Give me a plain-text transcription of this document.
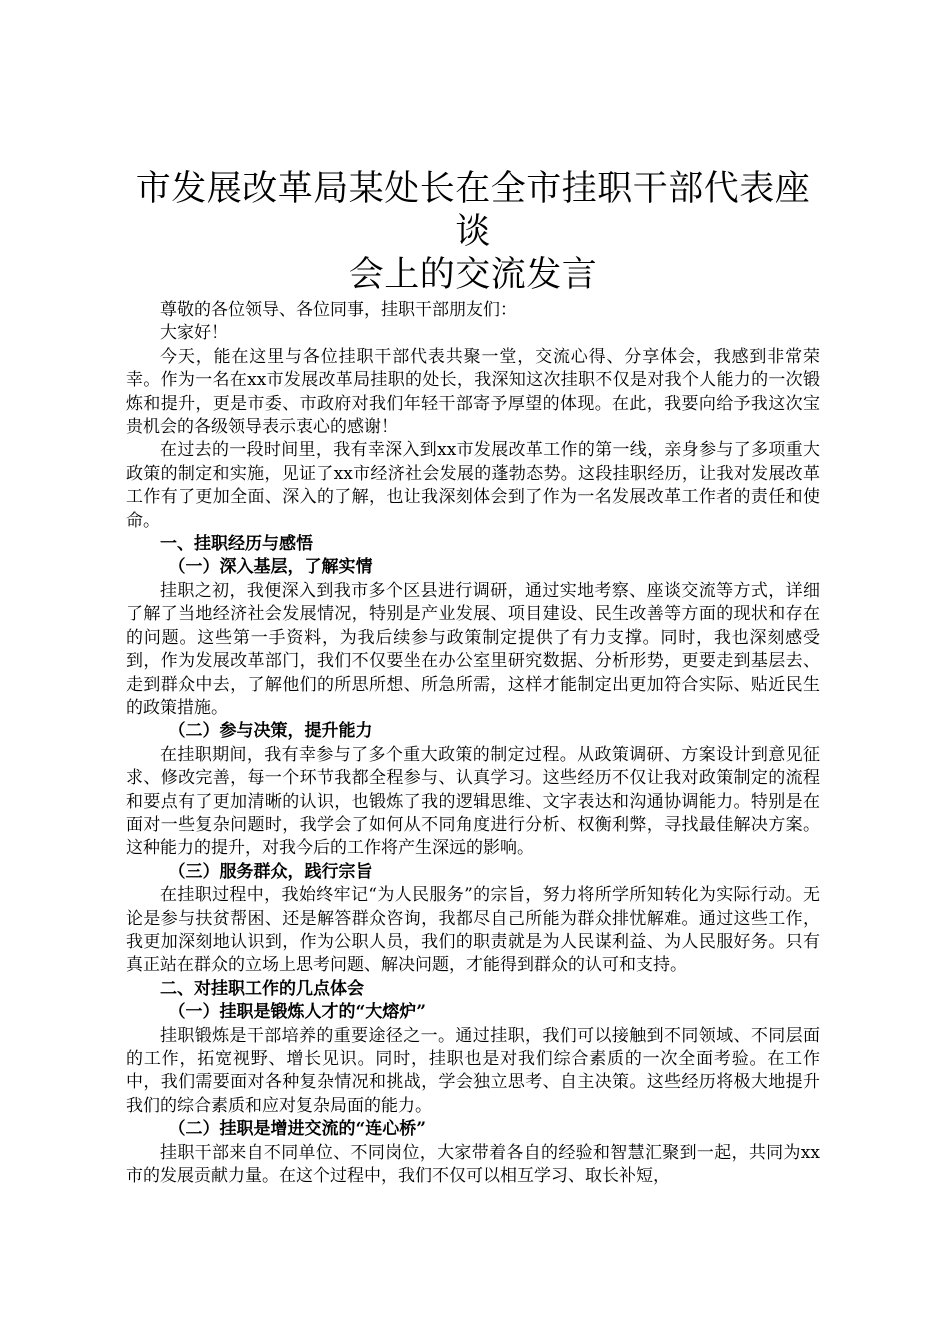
市发展改革局某处长在全市挂职干部代表座谈
会上的交流发言

尊敬的各位领导、各位同事，挂职干部朋友们：

大家好！

今天，能在这里与各位挂职干部代表共聚一堂，交流心得、分享体会，我感到非常荣幸。作为一名在xx市发展改革局挂职的处长，我深知这次挂职不仅是对我个人能力的一次锻炼和提升，更是市委、市政府对我们年轻干部寄予厚望的体现。在此，我要向给予我这次宝贵机会的各级领导表示衷心的感谢！

在过去的一段时间里，我有幸深入到xx市发展改革工作的第一线，亲身参与了多项重大政策的制定和实施，见证了xx市经济社会发展的蓬勃态势。这段挂职经历，让我对发展改革工作有了更加全面、深入的了解，也让我深刻体会到了作为一名发展改革工作者的责任和使命。

一、挂职经历与感悟

（一）深入基层，了解实情

挂职之初，我便深入到我市多个区县进行调研，通过实地考察、座谈交流等方式，详细了解了当地经济社会发展情况，特别是产业发展、项目建设、民生改善等方面的现状和存在的问题。这些第一手资料，为我后续参与政策制定提供了有力支撑。同时，我也深刻感受到，作为发展改革部门，我们不仅要坐在办公室里研究数据、分析形势，更要走到基层去、走到群众中去，了解他们的所思所想、所急所需，这样才能制定出更加符合实际、贴近民生的政策措施。

（二）参与决策，提升能力

在挂职期间，我有幸参与了多个重大政策的制定过程。从政策调研、方案设计到意见征求、修改完善，每一个环节我都全程参与、认真学习。这些经历不仅让我对政策制定的流程和要点有了更加清晰的认识，也锻炼了我的逻辑思维、文字表达和沟通协调能力。特别是在面对一些复杂问题时，我学会了如何从不同角度进行分析、权衡利弊，寻找最佳解决方案。这种能力的提升，对我今后的工作将产生深远的影响。

（三）服务群众，践行宗旨

在挂职过程中，我始终牢记“为人民服务”的宗旨，努力将所学所知转化为实际行动。无论是参与扶贫帮困、还是解答群众咨询，我都尽自己所能为群众排忧解难。通过这些工作，我更加深刻地认识到，作为公职人员，我们的职责就是为人民谋利益、为人民服好务。只有真正站在群众的立场上思考问题、解决问题，才能得到群众的认可和支持。

二、对挂职工作的几点体会

（一）挂职是锻炼人才的“大熔炉”

挂职锻炼是干部培养的重要途径之一。通过挂职，我们可以接触到不同领域、不同层面的工作，拓宽视野、增长见识。同时，挂职也是对我们综合素质的一次全面考验。在工作中，我们需要面对各种复杂情况和挑战，学会独立思考、自主决策。这些经历将极大地提升我们的综合素质和应对复杂局面的能力。

（二）挂职是增进交流的“连心桥”

挂职干部来自不同单位、不同岗位，大家带着各自的经验和智慧汇聚到一起，共同为xx市的发展贡献力量。在这个过程中，我们不仅可以相互学习、取长补短，
